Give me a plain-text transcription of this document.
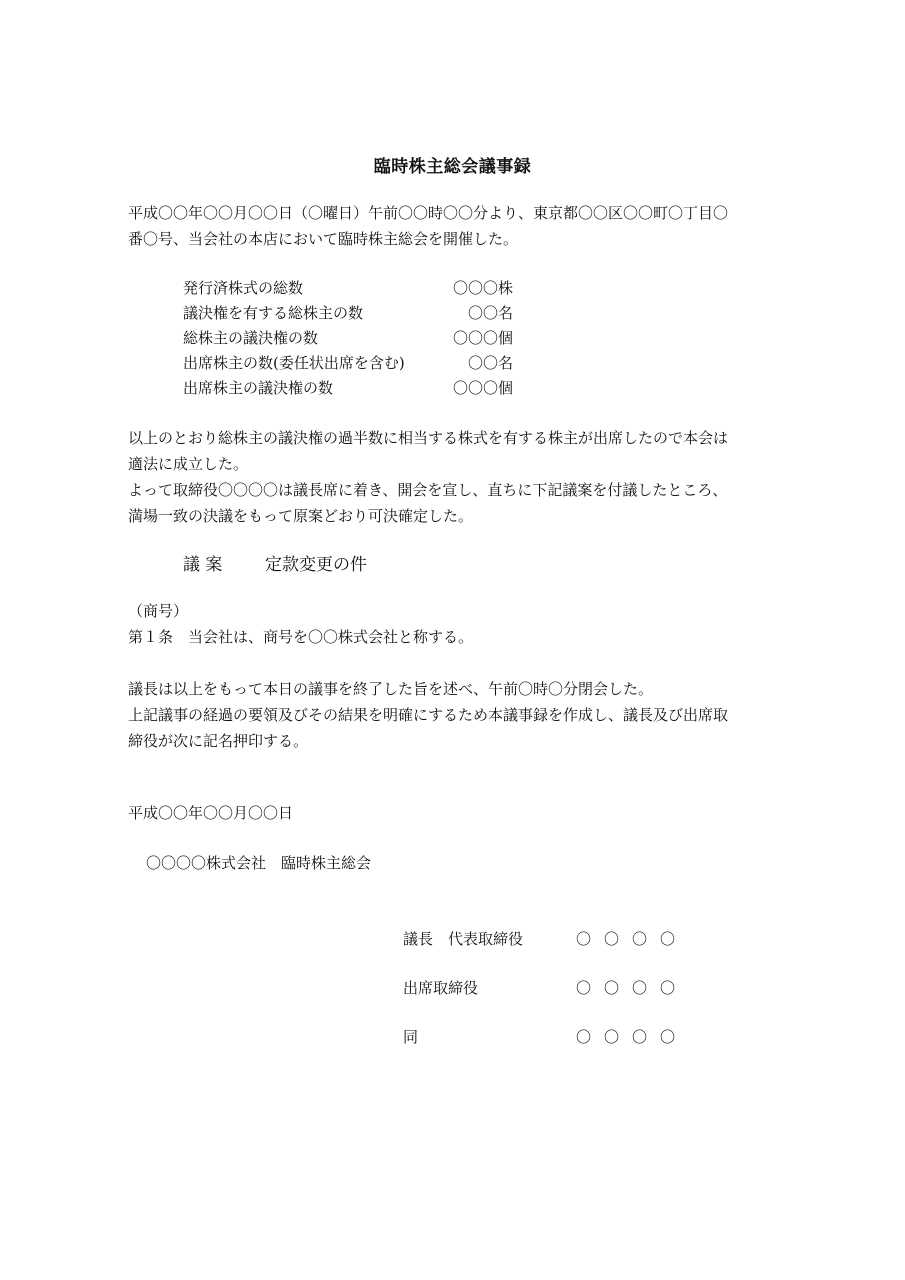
臨時株主総会議事録

平成〇〇年〇〇月〇〇日（〇曜日）午前〇〇時〇〇分より、東京都〇〇区〇〇町〇丁目〇
番〇号、当会社の本店において臨時株主総会を開催した。

発行済株式の総数	〇〇〇株
議決権を有する総株主の数	〇〇名
総株主の議決権の数	〇〇〇個
出席株主の数(委任状出席を含む)	〇〇名
出席株主の議決権の数	〇〇〇個

以上のとおり総株主の議決権の過半数に相当する株式を有する株主が出席したので本会は
適法に成立した。
よって取締役〇〇〇〇は議長席に着き、開会を宣し、直ちに下記議案を付議したところ、
満場一致の決議をもって原案どおり可決確定した。

議 案	定款変更の件
（商号）
第１条　当会社は、商号を〇〇株式会社と称する。

議長は以上をもって本日の議事を終了した旨を述べ、午前〇時〇分閉会した。
上記議事の経過の要領及びその結果を明確にするため本議事録を作成し、議長及び出席取
締役が次に記名押印する。

平成〇〇年〇〇月〇〇日
〇〇〇〇株式会社　臨時株主総会
議長　代表取締役	〇〇〇〇
出席取締役	〇〇〇〇
同	〇〇〇〇
